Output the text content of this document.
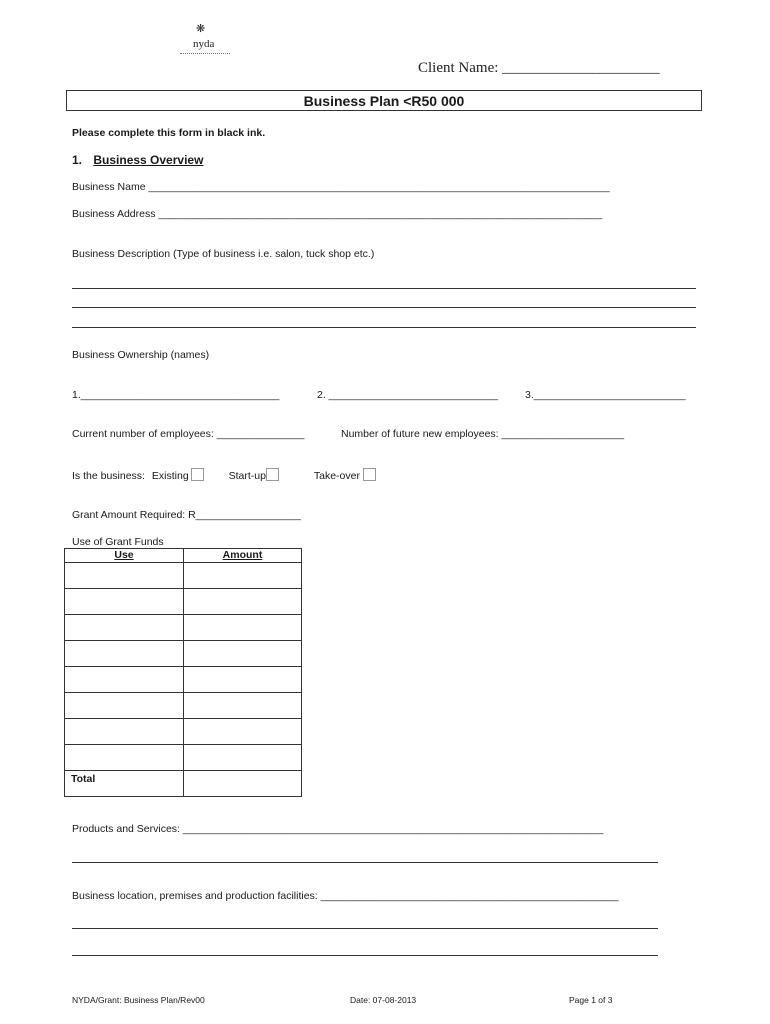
❋
nyda
Client Name: _____________________
Business Plan <R50 000
Please complete this form in black ink.
1. Business Overview
Business Name _______________________________________________________________________________
Business Address ____________________________________________________________________________
Business Description (Type of business i.e. salon, tuck shop etc.)
Business Ownership (names)
1.__________________________________	2. _____________________________	3.__________________________
Current number of employees: _______________	Number of future new employees: _____________________
Is the business: Existing	Start-up	Take-over
Grant Amount Required: R__________________
Use of Grant Funds
Use	Amount

Total	
Products and Services: ________________________________________________________________________
Business location, premises and production facilities: ___________________________________________________
NYDA/Grant: Business Plan/Rev00	Date: 07-08-2013	Page 1 of 3
